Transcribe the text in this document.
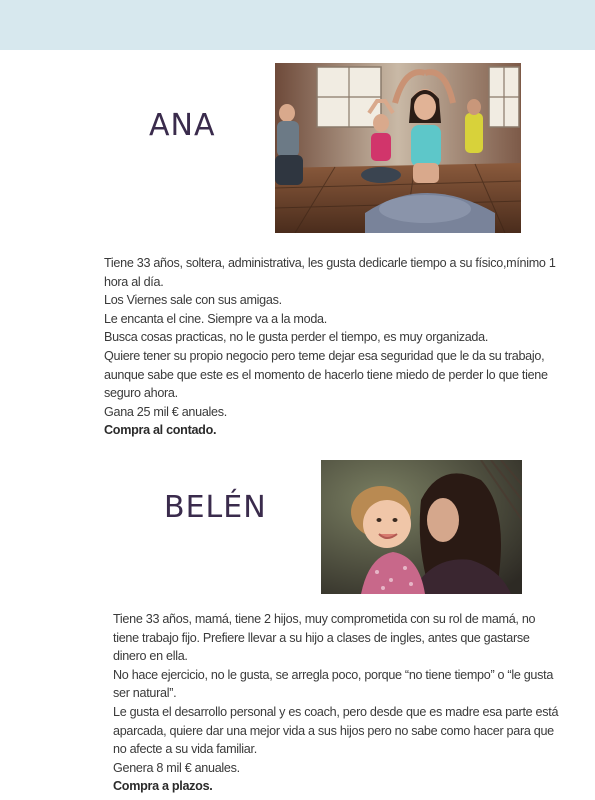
ANA

Tiene 33 años, soltera, administrativa, les gusta dedicarle tiempo a su físico,mínimo 1 hora al día.

Los Viernes sale con sus amigas.

Le encanta el cine. Siempre va a la moda.

Busca cosas practicas, no le gusta perder el tiempo, es muy organizada.

Quiere tener su propio negocio pero teme dejar esa seguridad que le da su trabajo, aunque sabe que este es el momento de hacerlo tiene miedo de perder lo que tiene seguro ahora.

Gana 25 mil € anuales.

Compra al contado.

BELÉN

Tiene 33 años, mamá, tiene 2 hijos, muy comprometida con su rol de mamá, no tiene trabajo fijo. Prefiere llevar a su hijo a clases de ingles, antes que gastarse dinero en ella.

No hace ejercicio, no le gusta, se arregla poco, porque “no tiene tiempo” o “le gusta ser natural”.

Le gusta el desarrollo personal y es coach, pero desde que es madre esa parte está aparcada, quiere dar una mejor vida a sus hijos pero no sabe como hacer para que no afecte a su vida familiar.

Genera 8 mil € anuales.

Compra a plazos.
